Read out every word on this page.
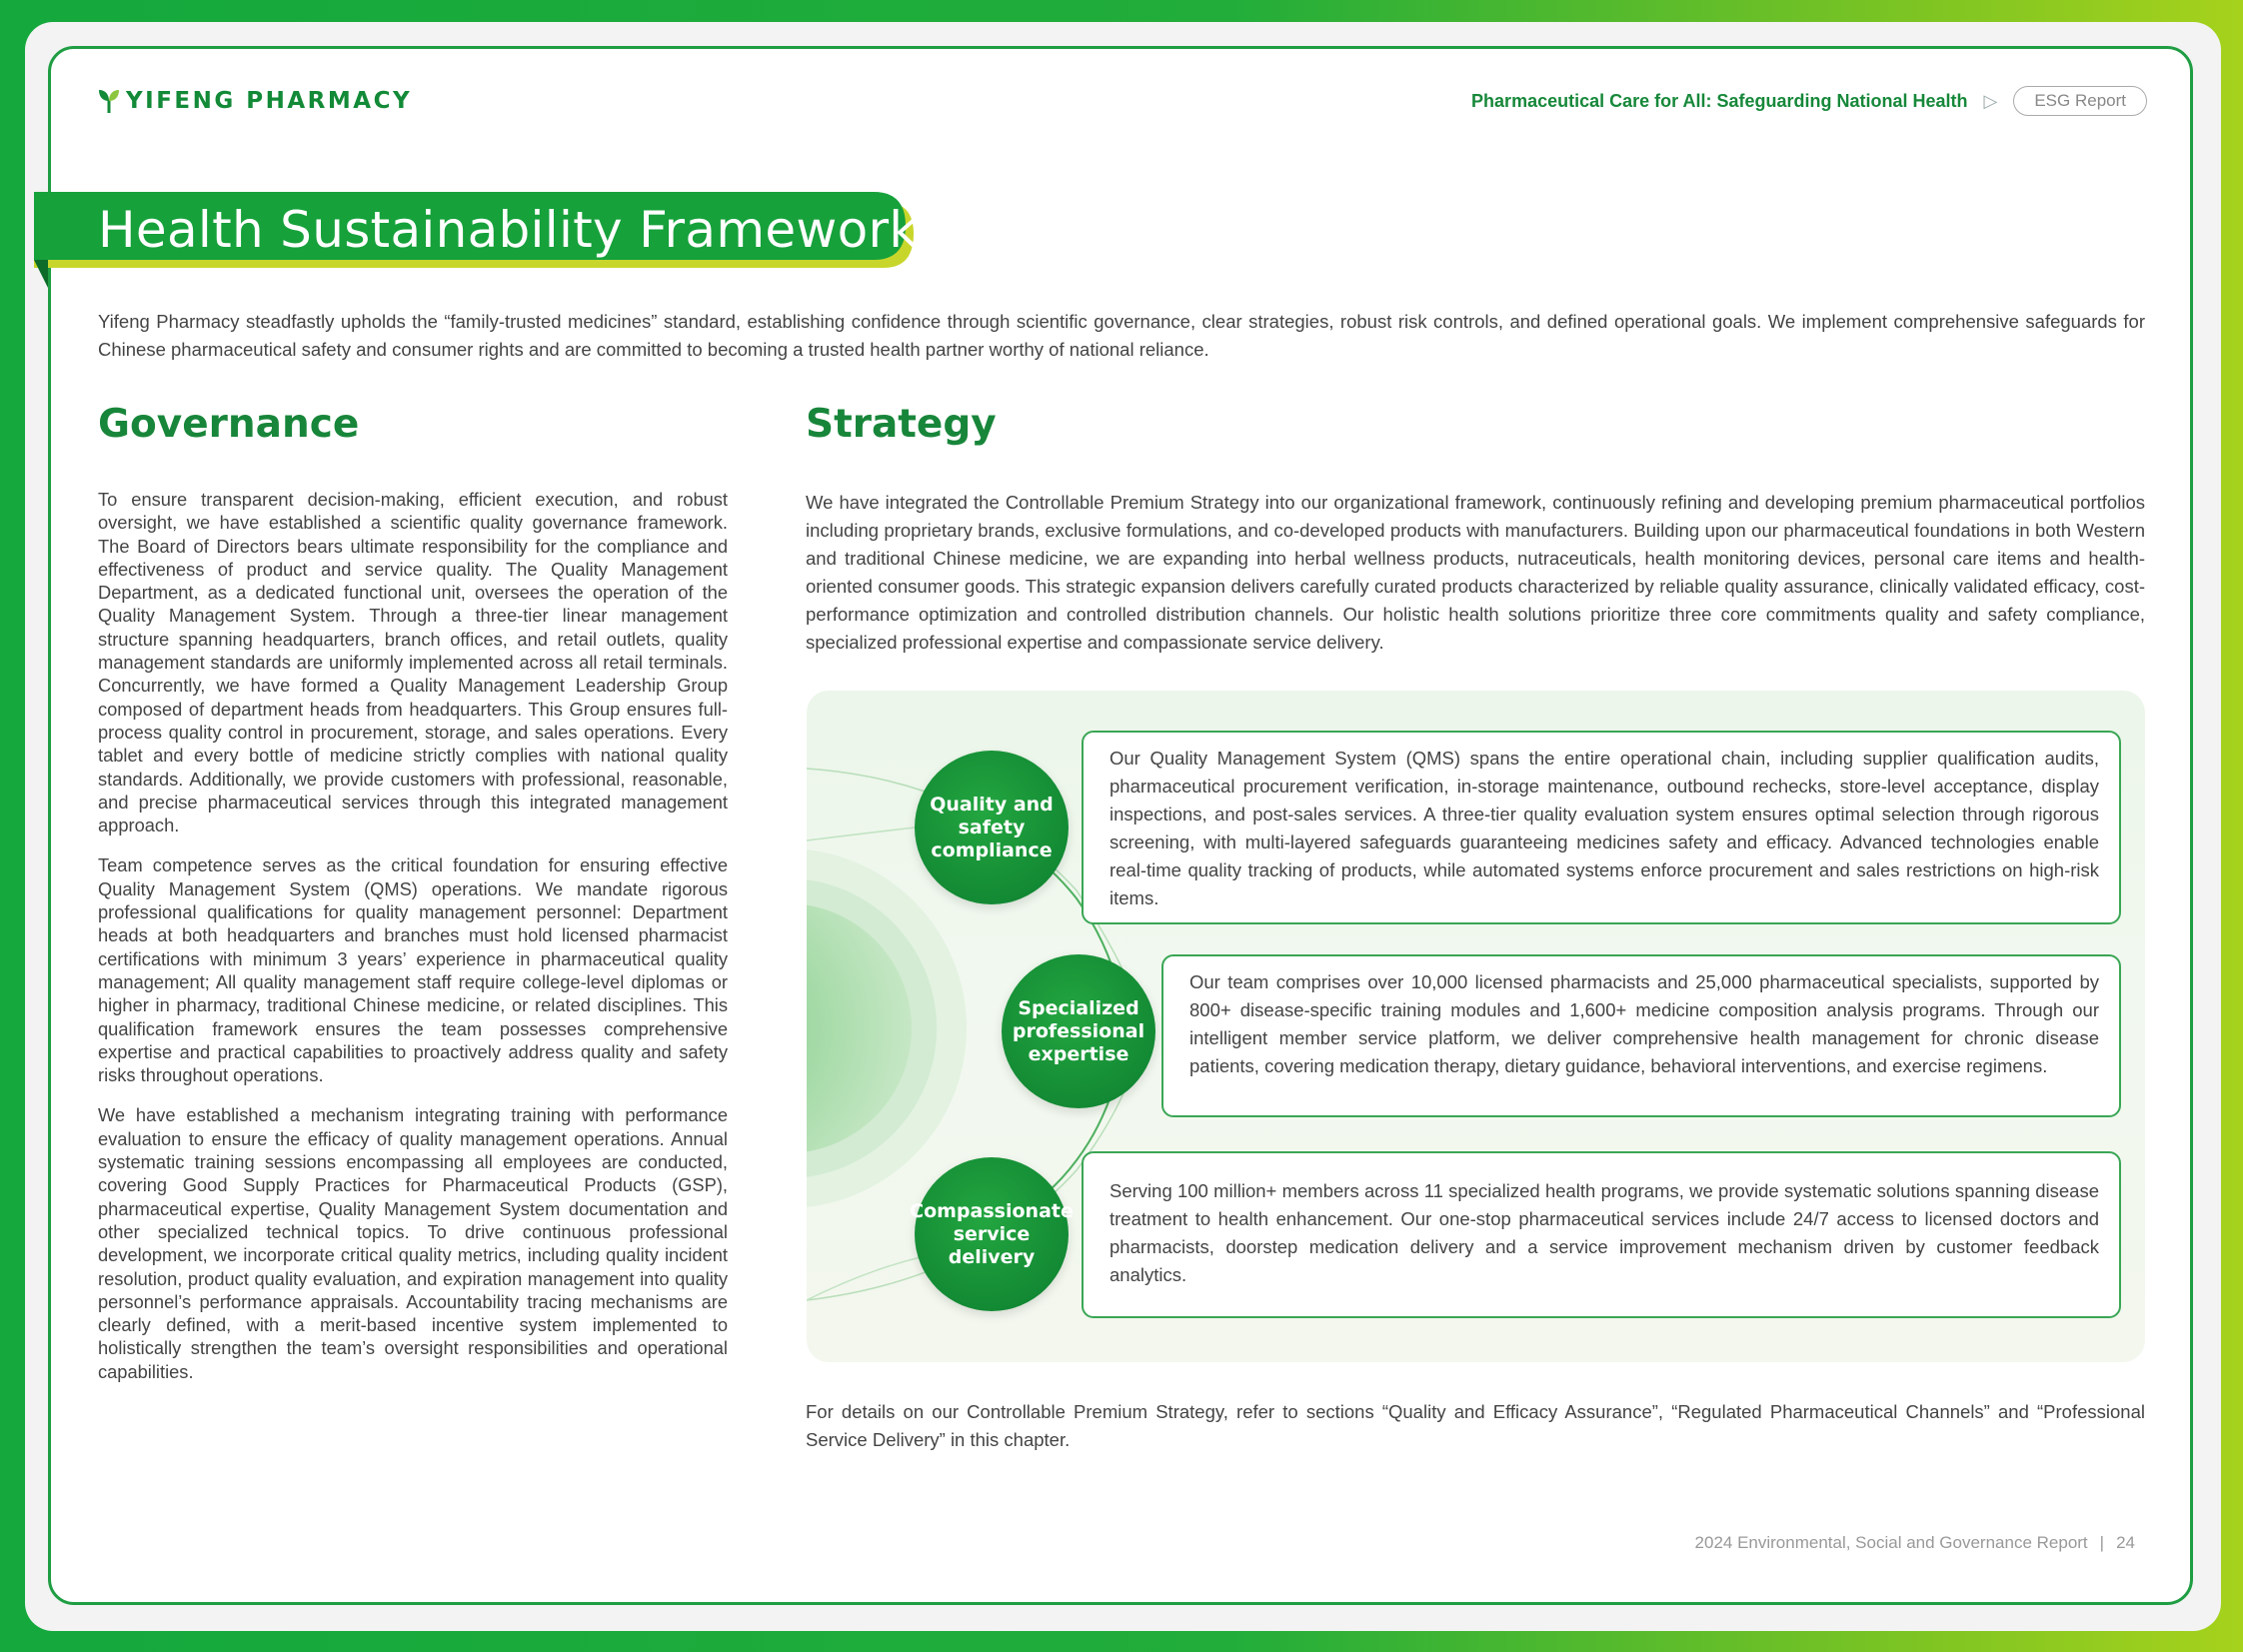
YIFENG PHARMACY	Pharmaceutical Care for All: Safeguarding National Health ▷	ESG Report
Health Sustainability Framework
Yifeng Pharmacy steadfastly upholds the “family-trusted medicines” standard, establishing confidence through scientific governance, clear strategies, robust risk controls, and defined operational goals. We implement comprehensive safeguards for Chinese pharmaceutical safety and consumer rights and are committed to becoming a trusted health partner worthy of national reliance.
Governance	Strategy

To ensure transparent decision-making, efficient execution, and robust oversight, we have established a scientific quality governance framework. The Board of Directors bears ultimate responsibility for the compliance and effectiveness of product and service quality. The Quality Management Department, as a dedicated functional unit, oversees the operation of the Quality Management System. Through a three-tier linear management structure spanning headquarters, branch offices, and retail outlets, quality management standards are uniformly implemented across all retail terminals. Concurrently, we have formed a Quality Management Leadership Group composed of department heads from headquarters. This Group ensures full-process quality control in procurement, storage, and sales operations. Every tablet and every bottle of medicine strictly complies with national quality standards. Additionally, we provide customers with professional, reasonable, and precise pharmaceutical services through this integrated management approach.

Team competence serves as the critical foundation for ensuring effective Quality Management System (QMS) operations. We mandate rigorous professional qualifications for quality management personnel: Department heads at both headquarters and branches must hold licensed pharmacist certifications with minimum 3 years’ experience in pharmaceutical quality management; All quality management staff require college-level diplomas or higher in pharmacy, traditional Chinese medicine, or related disciplines. This qualification framework ensures the team possesses comprehensive expertise and practical capabilities to proactively address quality and safety risks throughout operations.

We have established a mechanism integrating training with performance evaluation to ensure the efficacy of quality management operations. Annual systematic training sessions encompassing all employees are conducted, covering Good Supply Practices for Pharmaceutical Products (GSP), pharmaceutical expertise, Quality Management System documentation and other specialized technical topics. To drive continuous professional development, we incorporate critical quality metrics, including quality incident resolution, product quality evaluation, and expiration management into quality personnel’s performance appraisals. Accountability tracing mechanisms are clearly defined, with a merit-based incentive system implemented to holistically strengthen the team’s oversight responsibilities and operational capabilities.

We have integrated the Controllable Premium Strategy into our organizational framework, continuously refining and developing premium pharmaceutical portfolios including proprietary brands, exclusive formulations, and co-developed products with manufacturers. Building upon our pharmaceutical foundations in both Western and traditional Chinese medicine, we are expanding into herbal wellness products, nutraceuticals, health monitoring devices, personal care items and health-oriented consumer goods. This strategic expansion delivers carefully curated products characterized by reliable quality assurance, clinically validated efficacy, cost-performance optimization and controlled distribution channels. Our holistic health solutions prioritize three core commitments quality and safety compliance, specialized professional expertise and compassionate service delivery.
Quality and safety compliance
Our Quality Management System (QMS) spans the entire operational chain, including supplier qualification audits, pharmaceutical procurement verification, in-storage maintenance, outbound rechecks, store-level acceptance, display inspections, and post-sales services. A three-tier quality evaluation system ensures optimal selection through rigorous screening, with multi-layered safeguards guaranteeing medicines safety and efficacy. Advanced technologies enable real-time quality tracking of products, while automated systems enforce procurement and sales restrictions on high-risk items.
Specialized professional expertise
Our team comprises over 10,000 licensed pharmacists and 25,000 pharmaceutical specialists, supported by 800+ disease-specific training modules and 1,600+ medicine composition analysis programs. Through our intelligent member service platform, we deliver comprehensive health management for chronic disease patients, covering medication therapy, dietary guidance, behavioral interventions, and exercise regimens.
Compassionate service delivery
Serving 100 million+ members across 11 specialized health programs, we provide systematic solutions spanning disease treatment to health enhancement. Our one-stop pharmaceutical services include 24/7 access to licensed doctors and pharmacists, doorstep medication delivery and a service improvement mechanism driven by customer feedback analytics.
For details on our Controllable Premium Strategy, refer to sections “Quality and Efficacy Assurance”, “Regulated Pharmaceutical Channels” and “Professional Service Delivery” in this chapter.
2024 Environmental, Social and Governance Report | 24
